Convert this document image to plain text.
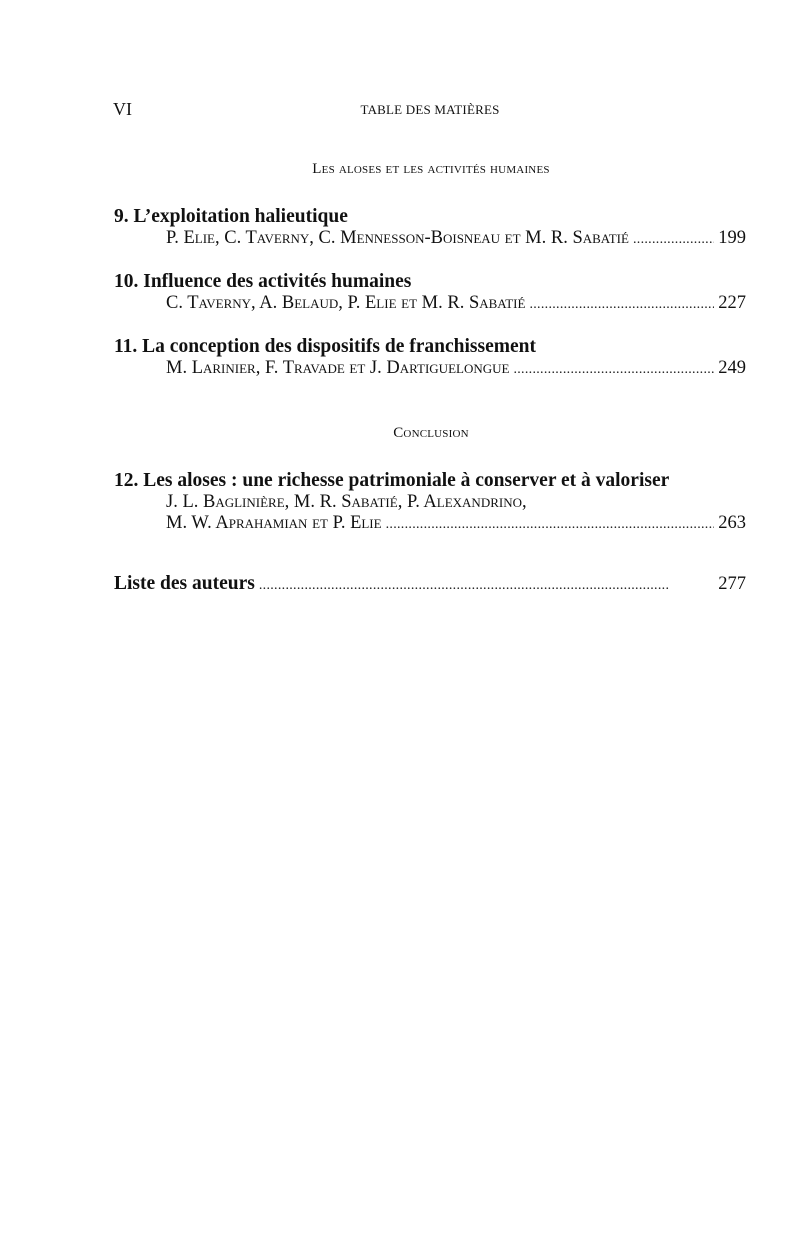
VI	TABLE DES MATIÈRES
Les aloses et les activités humaines
9. L’exploitation halieutique
P. Elie, C. Taverny, C. Mennesson-Boisneau et M. R. Sabatié . . .	199
10. Influence des activités humaines
C. Taverny, A. Belaud, P. Elie et M. R. Sabatié . . .	227
11. La conception des dispositifs de franchissement
M. Larinier, F. Travade et J. Dartiguelongue . . .	249
Conclusion
12. Les aloses : une richesse patrimoniale à conserver et à valoriser
J. L. Baglinière, M. R. Sabatié, P. Alexandrino,
M. W. Aprahamian et P. Elie . . .	263
Liste des auteurs . . .	277
